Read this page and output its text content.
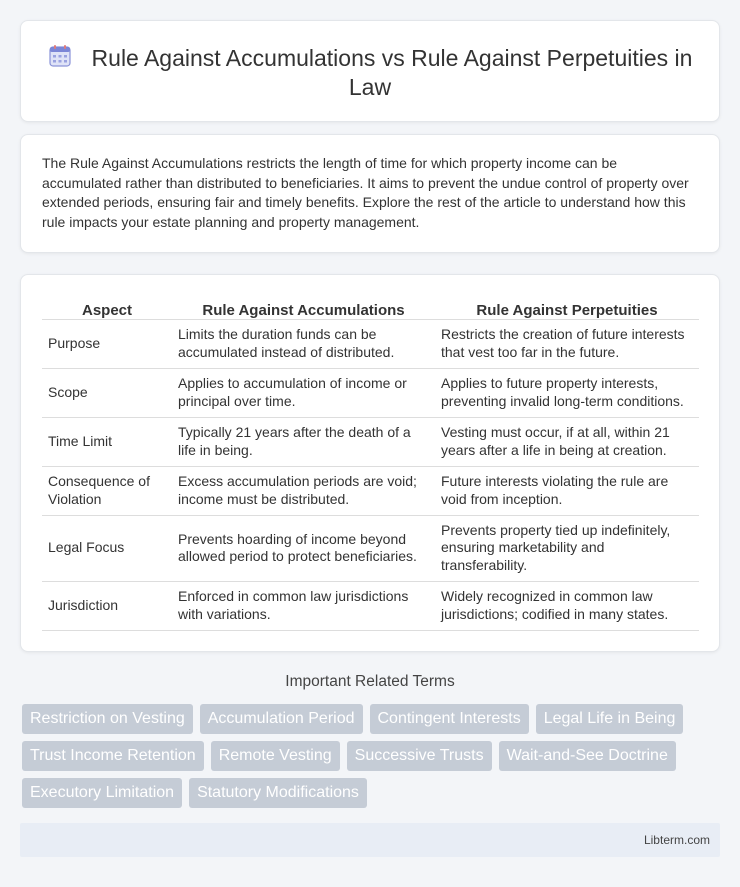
Rule Against Accumulations vs Rule Against Perpetuities in Law

The Rule Against Accumulations restricts the length of time for which property income can be accumulated rather than distributed to beneficiaries. It aims to prevent the undue control of property over extended periods, ensuring fair and timely benefits. Explore the rest of the article to understand how this rule impacts your estate planning and property management.

Aspect	Rule Against Accumulations	Rule Against Perpetuities
Purpose	Limits the duration funds can be accumulated instead of distributed.	Restricts the creation of future interests that vest too far in the future.
Scope	Applies to accumulation of income or principal over time.	Applies to future property interests, preventing invalid long-term conditions.
Time Limit	Typically 21 years after the death of a life in being.	Vesting must occur, if at all, within 21 years after a life in being at creation.
Consequence of Violation	Excess accumulation periods are void; income must be distributed.	Future interests violating the rule are void from inception.
Legal Focus	Prevents hoarding of income beyond allowed period to protect beneficiaries.	Prevents property tied up indefinitely, ensuring marketability and transferability.
Jurisdiction	Enforced in common law jurisdictions with variations.	Widely recognized in common law jurisdictions; codified in many states.
Important Related Terms
Restriction on Vesting	Accumulation Period	Contingent Interests	Legal Life in Being
Trust Income Retention	Remote Vesting	Successive Trusts	Wait-and-See Doctrine
Executory Limitation	Statutory Modifications
Libterm.com
